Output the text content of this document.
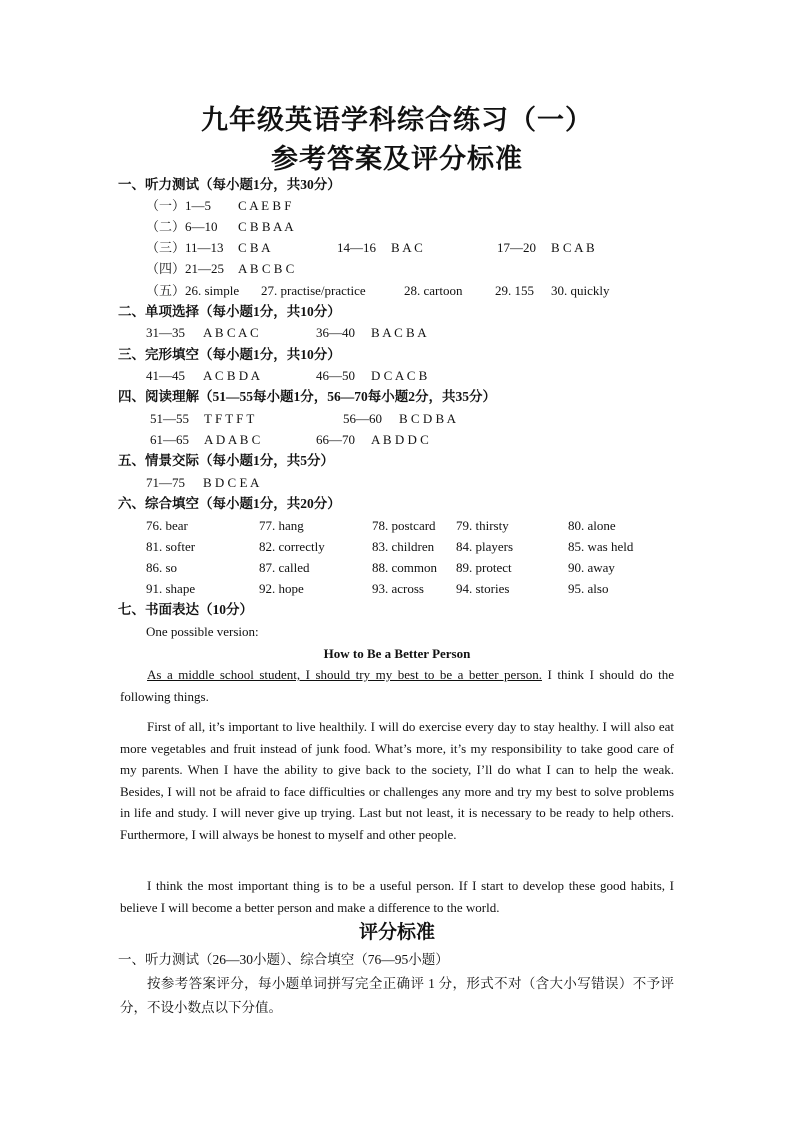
九年级英语学科综合练习（一）
参考答案及评分标准
一、听力测试（每小题1分，共30分）
（一）1—5 C A E B F
（二）6—10 C B B A A
（三）11—13 C B A	14—16 B A C	17—20 B C A B
（四）21—25 A B C B C
（五）26. simple 27. practise/practice	28. cartoon	29. 155 30. quickly
二、单项选择（每小题1分，共10分）
31—35 A B C A C	36—40 B A C B A
三、完形填空（每小题1分，共10分）
41—45 A C B D A	46—50 D C A C B
四、阅读理解（51—55每小题1分，56—70每小题2分，共35分）
51—55 T F T F T	56—60 B C D B A
61—65 A D A B C	66—70 A B D D C
五、情景交际（每小题1分，共5分）
71—75 B D C E A
六、综合填空（每小题1分，共20分）
76. bear	77. hang	78. postcard 79. thirsty	80. alone
81. softer	82. correctly	83. children 84. players	85. was held
86. so	87. called	88. common 89. protect	90. away
91. shape	92. hope	93. across 94. stories	95. also
七、书面表达（10分）
One possible version:
How to Be a Better Person
As a middle school student, I should try my best to be a better person. I think I should do the following things.
First of all, it’s important to live healthily. I will do exercise every day to stay healthy. I will also eat more vegetables and fruit instead of junk food. What’s more, it’s my responsibility to take good care of my parents. When I have the ability to give back to the society, I’ll do what I can to help the weak. Besides, I will not be afraid to face difficulties or challenges any more and try my best to solve problems in life and study. I will never give up trying. Last but not least, it is necessary to be ready to help others. Furthermore, I will always be honest to myself and other people.
I think the most important thing is to be a useful person. If I start to develop these good habits, I believe I will become a better person and make a difference to the world.
评分标准
一、听力测试（26—30小题）、综合填空（76—95小题）
按参考答案评分，每小题单词拼写完全正确评 1 分，形式不对（含大小写错误）不予评分，不设小数点以下分值。
